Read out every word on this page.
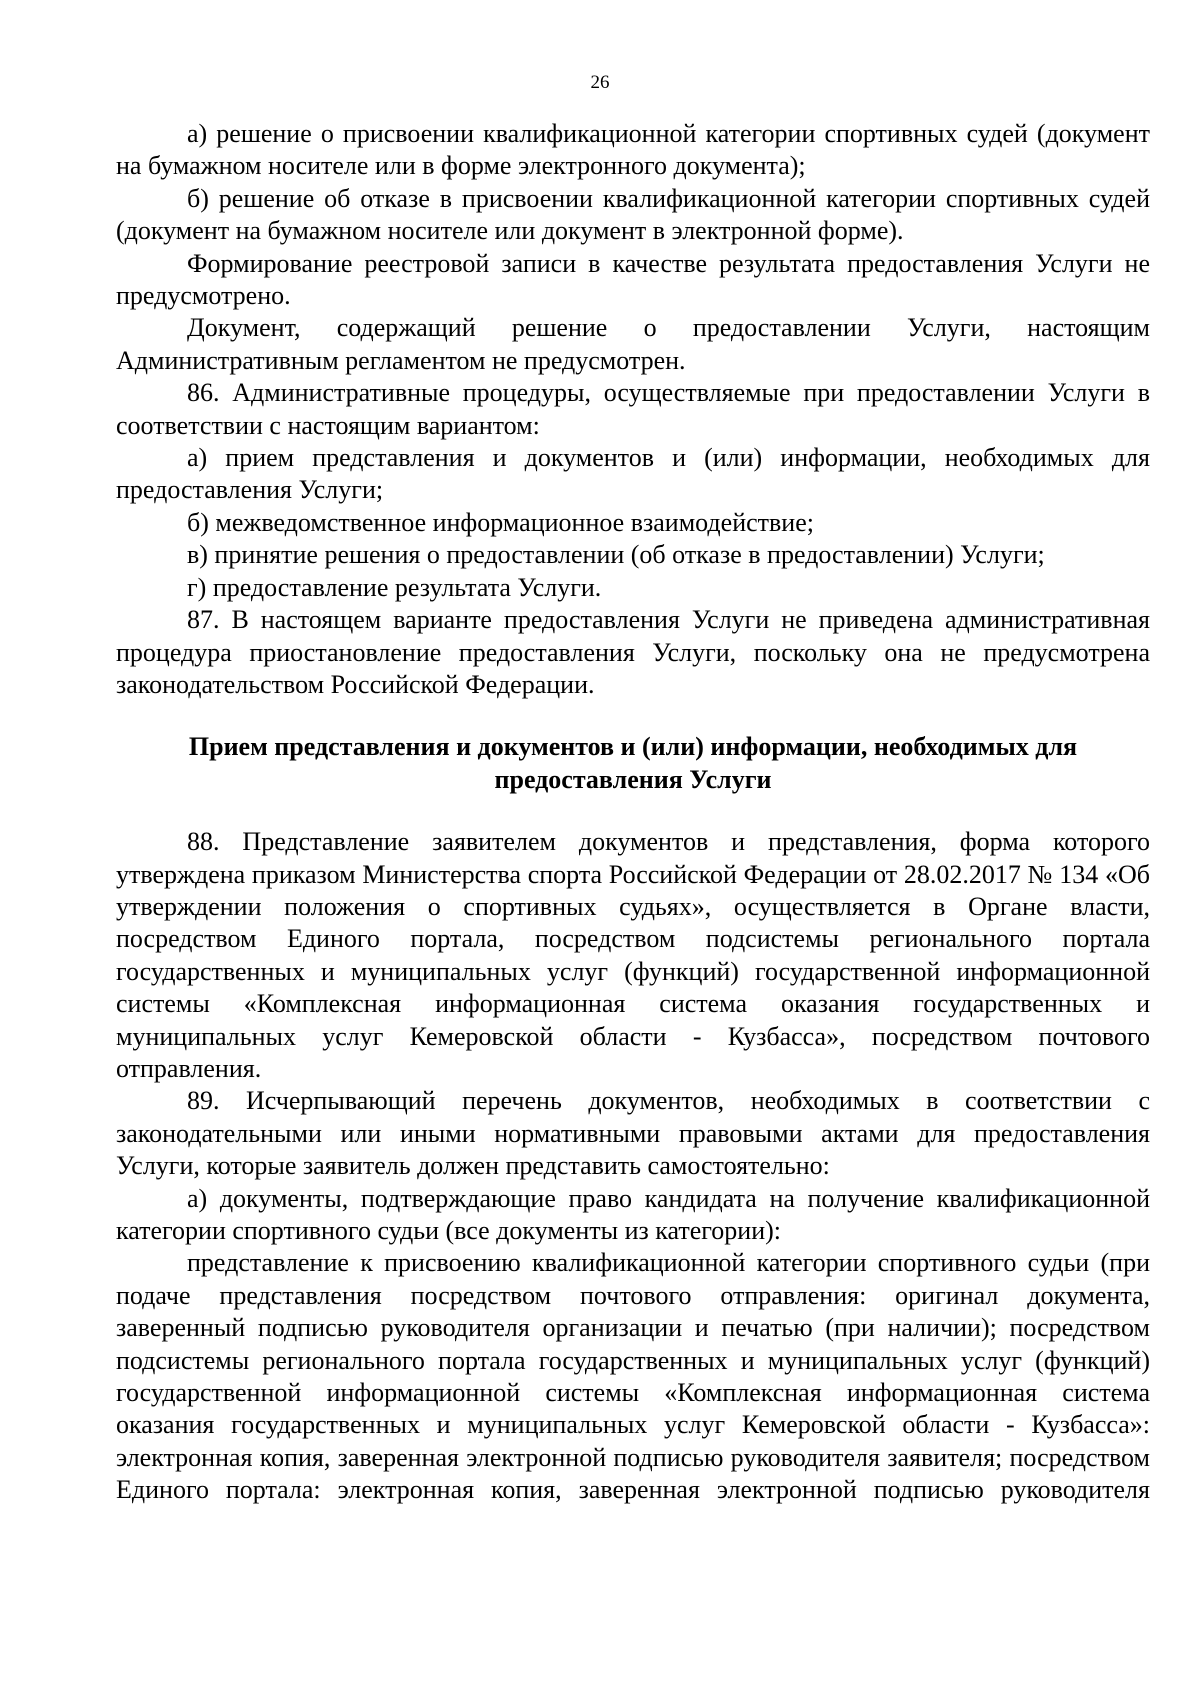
26

а) решение о присвоении квалификационной категории спортивных судей (документ на бумажном носителе или в форме электронного документа);

б) решение об отказе в присвоении квалификационной категории спортивных судей (документ на бумажном носителе или документ в электронной форме).

Формирование реестровой записи в качестве результата предоставления Услуги не предусмотрено.

Документ, содержащий решение о предоставлении Услуги, настоящим Административным регламентом не предусмотрен.

86. Административные процедуры, осуществляемые при предоставлении Услуги в соответствии с настоящим вариантом:

а) прием представления и документов и (или) информации, необходимых для предоставления Услуги;

б) межведомственное информационное взаимодействие;

в) принятие решения о предоставлении (об отказе в предоставлении) Услуги;

г) предоставление результата Услуги.

87. В настоящем варианте предоставления Услуги не приведена административная процедура приостановление предоставления Услуги, поскольку она не предусмотрена законодательством Российской Федерации.

Прием представления и документов и (или) информации, необходимых для предоставления Услуги

88. Представление заявителем документов и представления, форма которого утверждена приказом Министерства спорта Российской Федерации от 28.02.2017 № 134 «Об утверждении положения о спортивных судьях», осуществляется в Органе власти, посредством Единого портала, посредством подсистемы регионального портала государственных и муниципальных услуг (функций) государственной информационной системы «Комплексная информационная система оказания государственных и муниципальных услуг Кемеровской области - Кузбасса», посредством почтового отправления.

89. Исчерпывающий перечень документов, необходимых в соответствии с законодательными или иными нормативными правовыми актами для предоставления Услуги, которые заявитель должен представить самостоятельно:

а) документы, подтверждающие право кандидата на получение квалификационной категории спортивного судьи (все документы из категории):

представление к присвоению квалификационной категории спортивного судьи (при подаче представления посредством почтового отправления: оригинал документа, заверенный подписью руководителя организации и печатью (при наличии); посредством подсистемы регионального портала государственных и муниципальных услуг (функций) государственной информационной системы «Комплексная информационная система оказания государственных и муниципальных услуг Кемеровской области - Кузбасса»: электронная копия, заверенная электронной подписью руководителя заявителя; посредством Единого портала: электронная копия, заверенная электронной подписью руководителя
